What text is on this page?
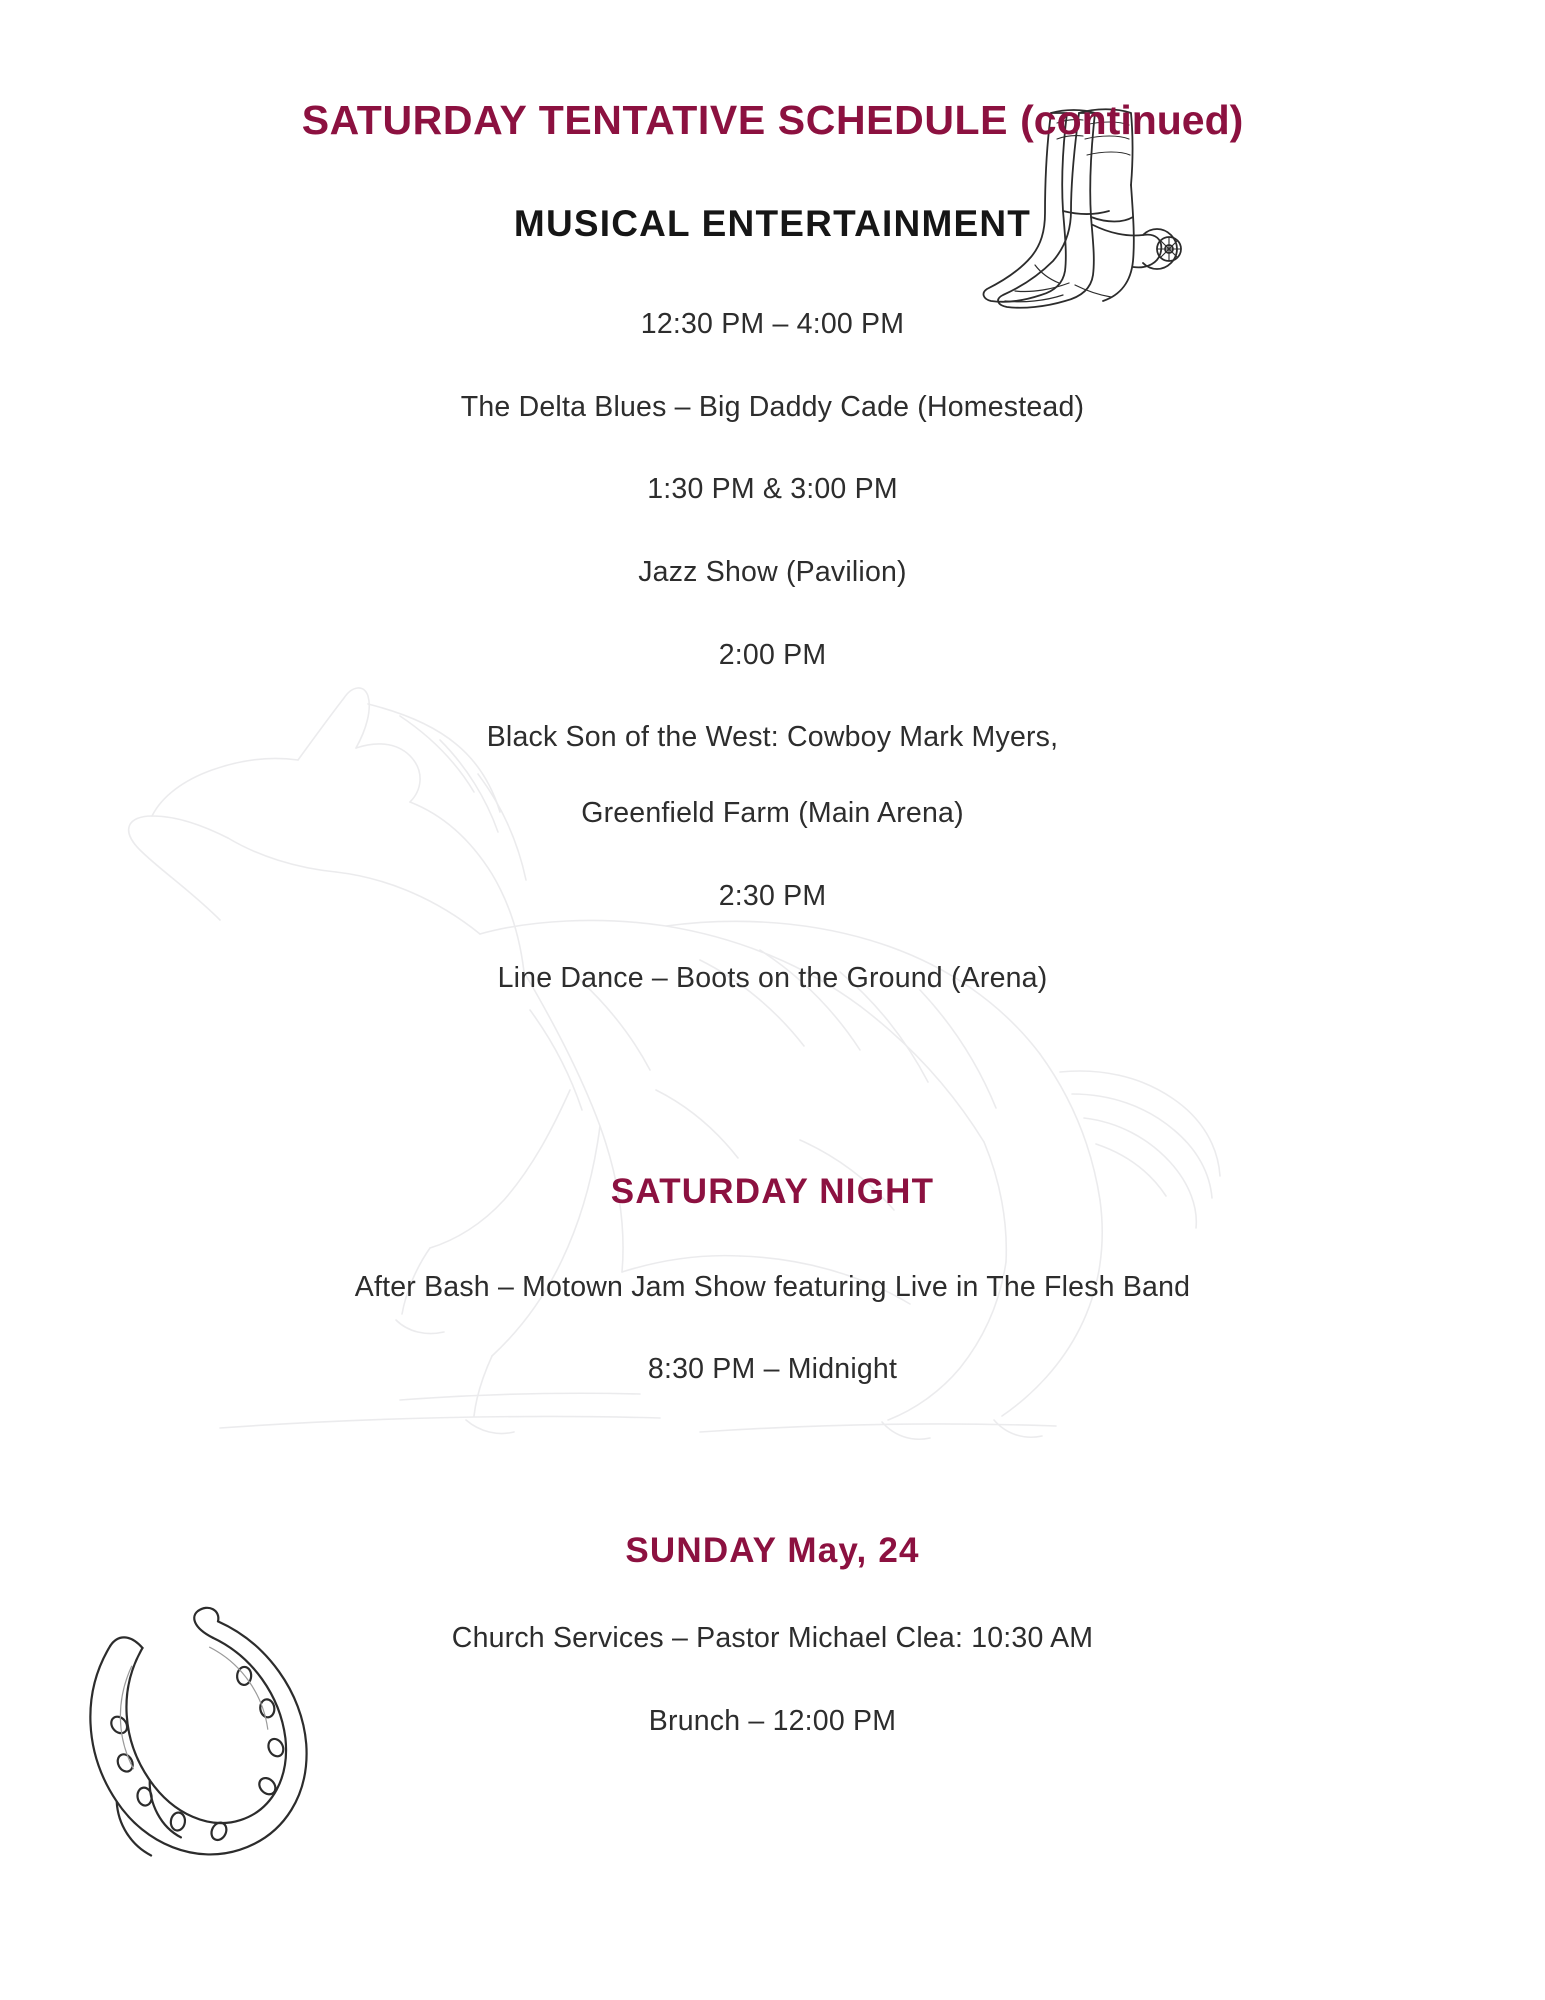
SATURDAY TENTATIVE SCHEDULE (continued)
MUSICAL ENTERTAINMENT

12:30 PM – 4:00 PM

The Delta Blues – Big Daddy Cade (Homestead)

1:30 PM & 3:00 PM

Jazz Show (Pavilion)

2:00 PM

Black Son of the West: Cowboy Mark Myers,

Greenfield Farm (Main Arena)

2:30 PM

Line Dance – Boots on the Ground (Arena)

SATURDAY NIGHT

After Bash – Motown Jam Show featuring Live in The Flesh Band

8:30 PM – Midnight

SUNDAY May, 24

Church Services – Pastor Michael Clea: 10:30 AM

Brunch – 12:00 PM
